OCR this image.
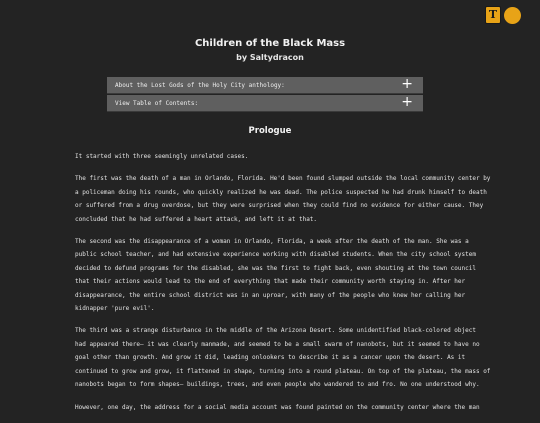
T
Children of the Black Mass
by Saltydracon
About the Lost Gods of the Holy City anthology:	+
View Table of Contents:	+
Prologue

It started with three seemingly unrelated cases.

The first was the death of a man in Orlando, Florida. He'd been found slumped outside the local community center by
a policeman doing his rounds, who quickly realized he was dead. The police suspected he had drunk himself to death
or suffered from a drug overdose, but they were surprised when they could find no evidence for either cause. They
concluded that he had suffered a heart attack, and left it at that.

The second was the disappearance of a woman in Orlando, Florida, a week after the death of the man. She was a
public school teacher, and had extensive experience working with disabled students. When the city school system
decided to defund programs for the disabled, she was the first to fight back, even shouting at the town council
that their actions would lead to the end of everything that made their community worth staying in. After her
disappearance, the entire school district was in an uproar, with many of the people who knew her calling her
kidnapper 'pure evil'.

The third was a strange disturbance in the middle of the Arizona Desert. Some unidentified black-colored object
had appeared there— it was clearly manmade, and seemed to be a small swarm of nanobots, but it seemed to have no
goal other than growth. And grow it did, leading onlookers to describe it as a cancer upon the desert. As it
continued to grow and grow, it flattened in shape, turning into a round plateau. On top of the plateau, the mass of
nanobots began to form shapes— buildings, trees, and even people who wandered to and fro. No one understood why.

However, one day, the address for a social media account was found painted on the community center where the man
